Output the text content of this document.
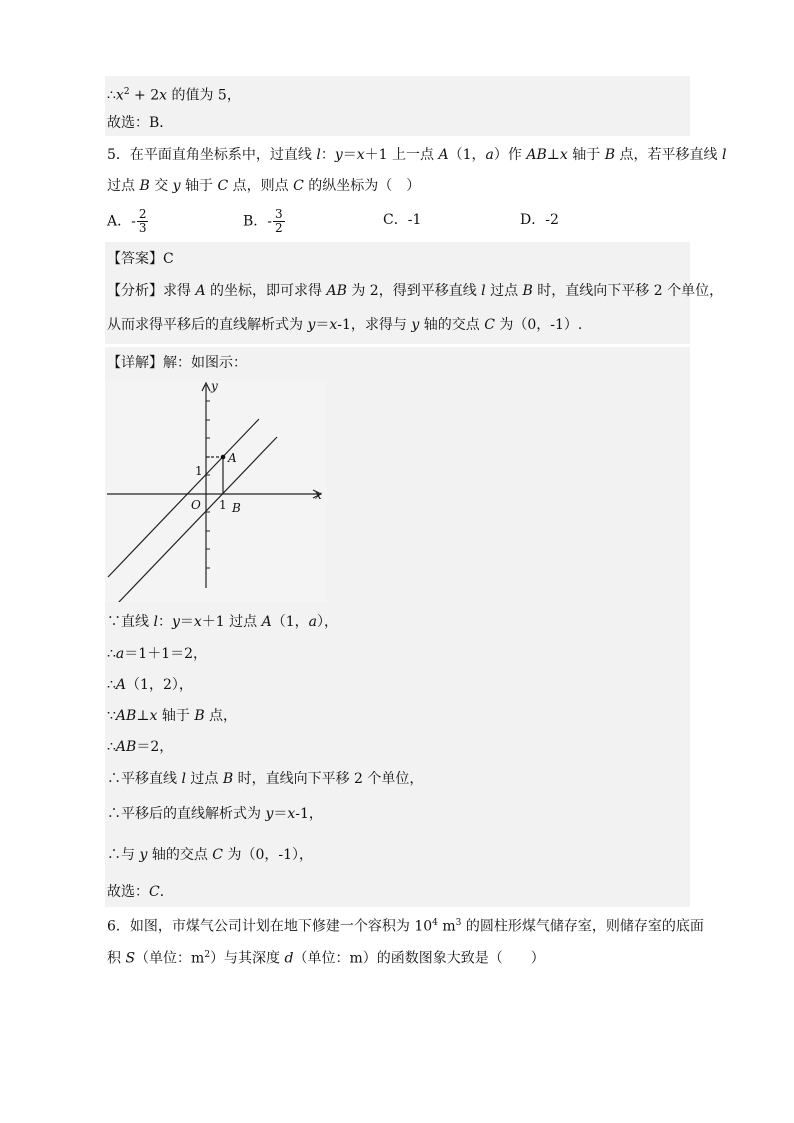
$\therefore x^2 + 2x$ 的值为 5，
故选：B．
5．在平面直角坐标系中，过直线 l：y＝x＋1 上一点 A（1，a）作 AB⊥x 轴于 B 点，若平移直线 l
过点 B 交 y 轴于 C 点，则点 C 的纵坐标为（　）
A．- $\frac{2}{3}$	B．- $\frac{3}{2}$	C．-1	D．-2
【答案】C
【分析】求得 A 的坐标，即可求得 AB 为 2，得到平移直线 l 过点 B 时，直线向下平移 2 个单位，
从而求得平移后的直线解析式为 y＝x-1，求得与 y 轴的交点 C 为（0，-1）.
【详解】解：如图示：
y
x
O 1
1
A
B
∵直线 l：y＝x＋1 过点 A（1，a），
∴a＝1＋1＝2，
∴A（1，2），
∵AB⊥x 轴于 B 点，
∴AB＝2，
∴平移直线 l 过点 B 时，直线向下平移 2 个单位，
∴平移后的直线解析式为 y＝x-1，
∴与 y 轴的交点 C 为（0，-1），
故选：C．
6．如图，市煤气公司计划在地下修建一个容积为 $10^4$ $m^3$ 的圆柱形煤气储存室，则储存室的底面
积 S（单位：$m^2$）与其深度 d（单位：m）的函数图象大致是（　　）
